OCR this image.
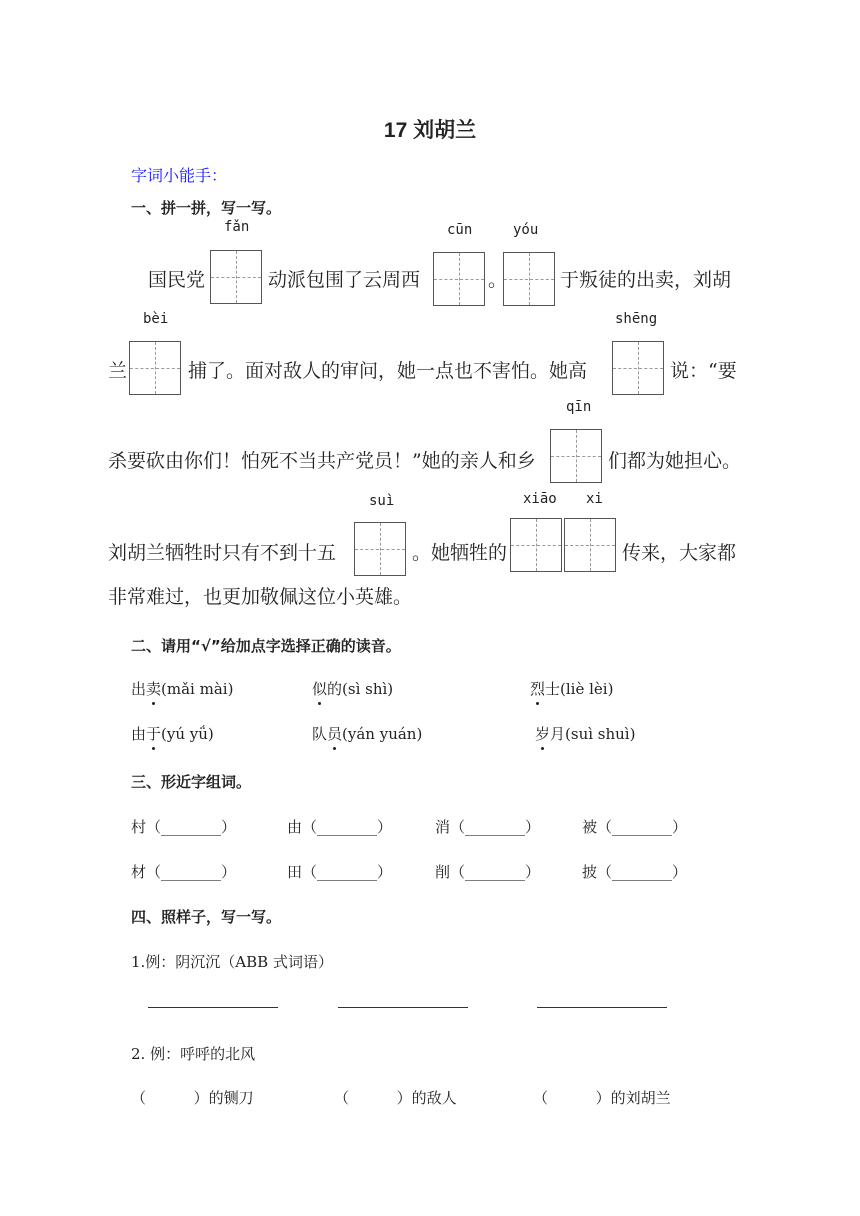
17 刘胡兰
字词小能手：
一、拼一拼，写一写。
fǎn	cūn	yóu
国民党	动派包围了云周西	。	于叛徒的出卖，刘胡
bèi	shēng
兰	捕了。面对敌人的审问，她一点也不害怕。她高	说：“要
qīn
杀要砍由你们！怕死不当共产党员！”她的亲人和乡	们都为她担心。
suì	xiāo xi
刘胡兰牺牲时只有不到十五	。她牺牲的	传来，大家都
非常难过，也更加敬佩这位小英雄。
二、请用“√”给加点字选择正确的读音。
出卖(mǎi mài)	似的(sì shì)	烈士(liè lèi)
由于(yú yǘ)	队员(yán yuán)	岁月(suì shuì)
三、形近字组词。
村（________）	由（________）	消（________）	被（________）
材（________）	田（________）	削（________）	披（________）
四、照样子，写一写。
1.例：阴沉沉（ABB 式词语）
2. 例：呼呼的北风
（          ）的铡刀	（          ）的敌人	（          ）的刘胡兰
